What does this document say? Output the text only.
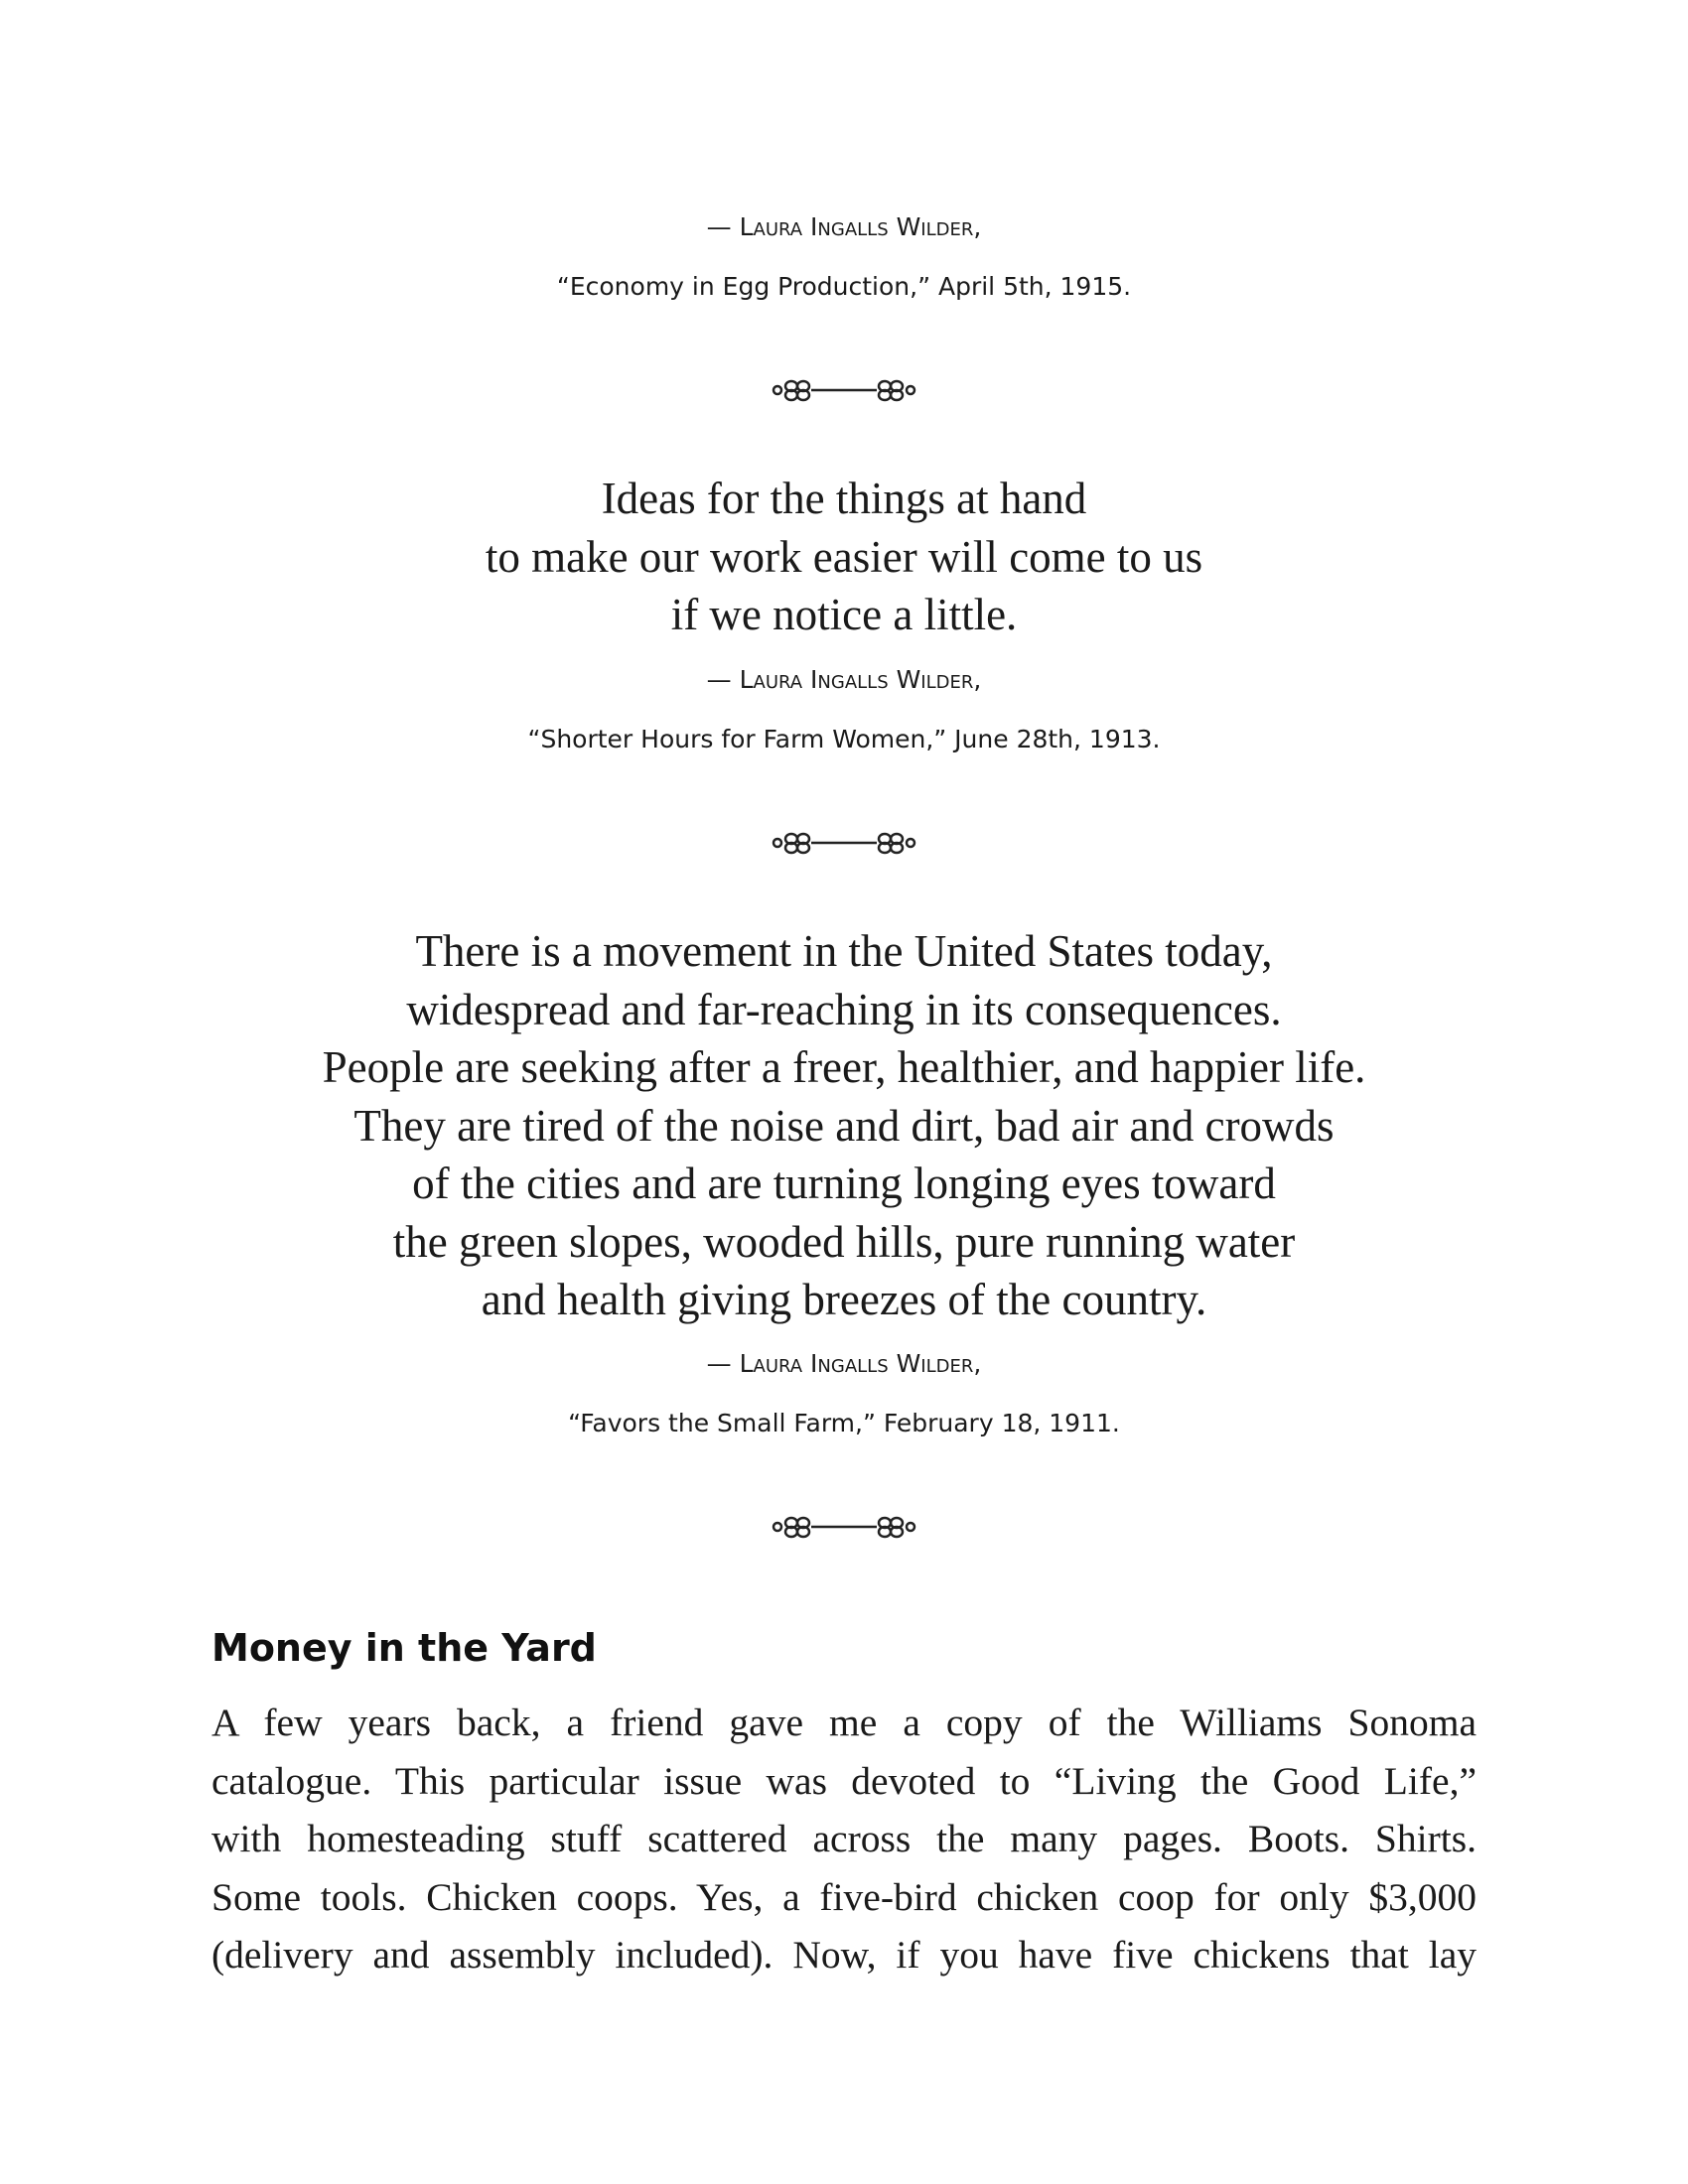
— Laura Ingalls Wilder,
“Economy in Egg Production,” April 5th, 1915.

Ideas for the things at hand
to make our work easier will come to us
if we notice a little.

— Laura Ingalls Wilder,
“Shorter Hours for Farm Women,” June 28th, 1913.

There is a movement in the United States today,
widespread and far-reaching in its consequences.
People are seeking after a freer, healthier, and happier life.
They are tired of the noise and dirt, bad air and crowds
of the cities and are turning longing eyes toward
the green slopes, wooded hills, pure running water
and health giving breezes of the country.

— Laura Ingalls Wilder,
“Favors the Small Farm,” February 18, 1911.
Money in the Yard

A few years back, a friend gave me a copy of the Williams Sonoma
catalogue. This particular issue was devoted to “Living the Good Life,”
with homesteading stuff scattered across the many pages. Boots. Shirts.
Some tools. Chicken coops. Yes, a five-bird chicken coop for only $3,000
(delivery and assembly included). Now, if you have five chickens that lay
